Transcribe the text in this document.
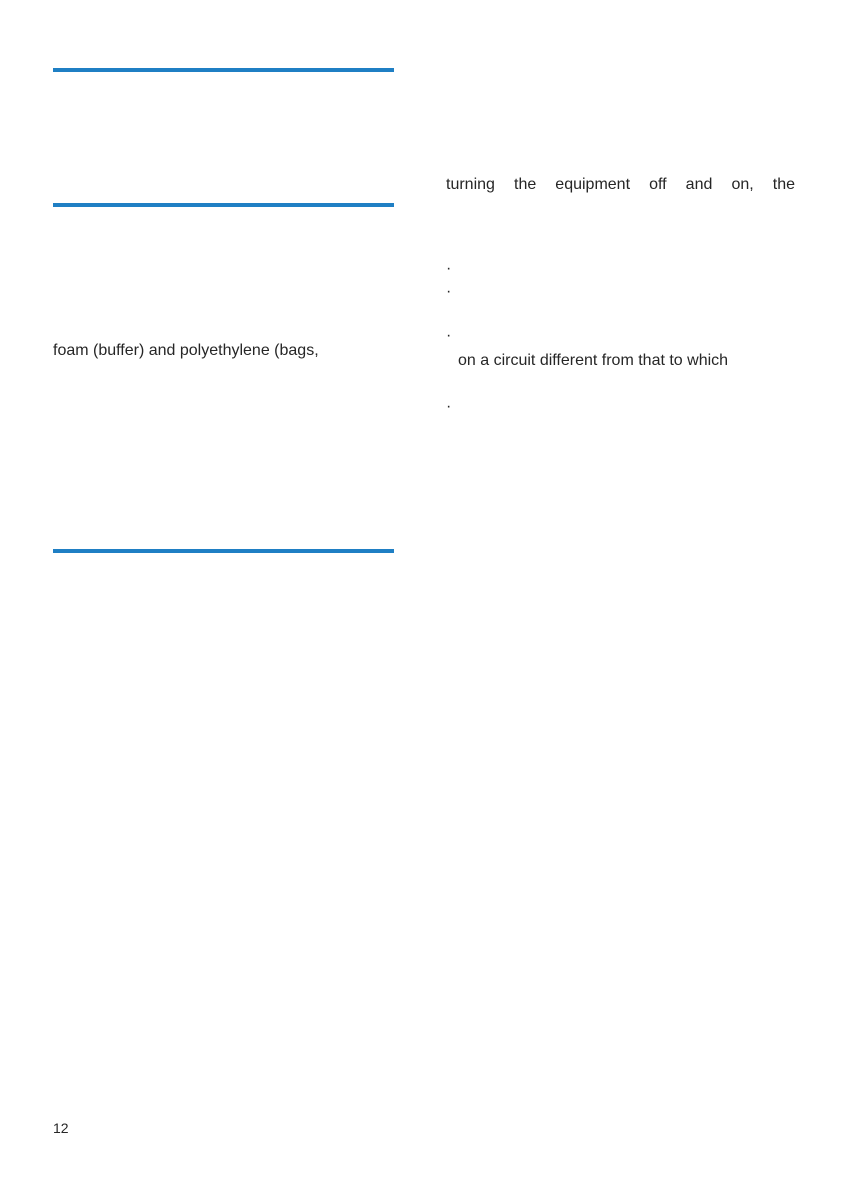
foam (buffer) and polyethylene (bags,
turning the equipment off and on, the
·
·
·
on a circuit different from that to which
·
12
